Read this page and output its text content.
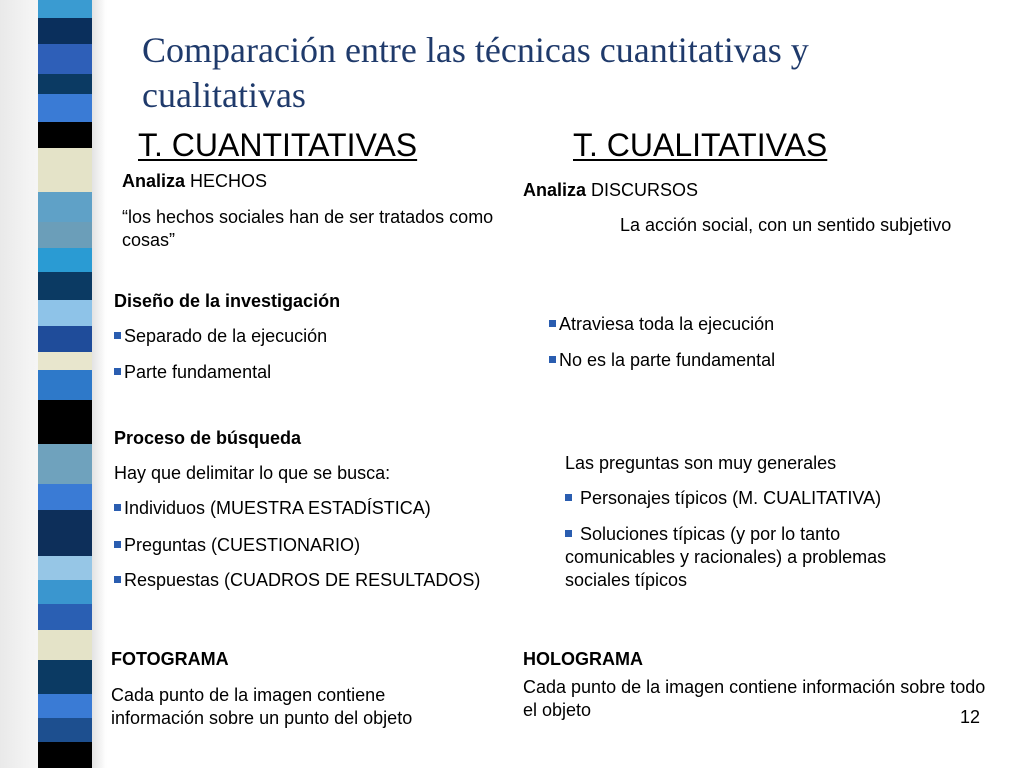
Comparación entre las técnicas cuantitativas y cualitativas
T. CUANTITATIVAS	T. CUALITATIVAS
Analiza HECHOS
“los hechos sociales han de ser tratados como cosas”
Analiza DISCURSOS
La acción social, con un sentido subjetivo
Diseño de la investigación
Separado de la ejecución
Parte fundamental
Atraviesa toda la ejecución
No es la parte fundamental
Proceso de búsqueda
Hay que delimitar lo que se busca:
Individuos (MUESTRA ESTADÍSTICA)
Preguntas (CUESTIONARIO)
Respuestas (CUADROS DE RESULTADOS)
Las preguntas son muy generales
Personajes típicos (M. CUALITATIVA)
Soluciones típicas (y por lo tanto comunicables y racionales) a problemas sociales típicos
FOTOGRAMA
Cada punto de la imagen contiene información sobre un punto del objeto
HOLOGRAMA
Cada punto de la imagen contiene información sobre todo el objeto	12
